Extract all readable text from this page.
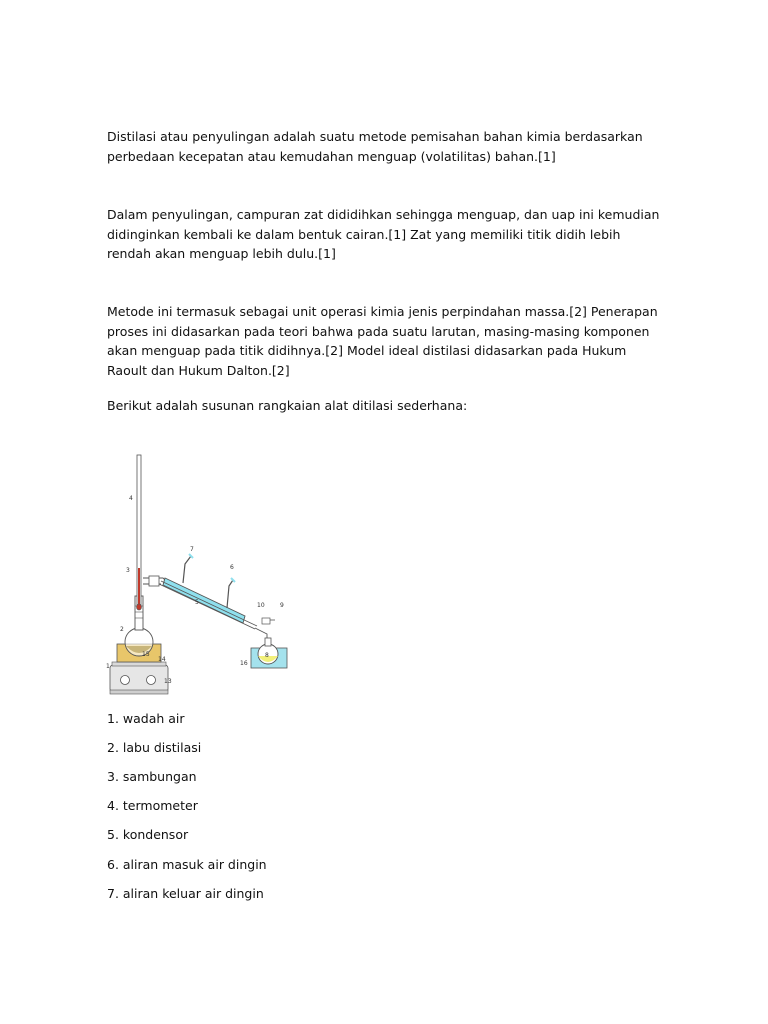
Distilasi atau penyulingan adalah suatu metode pemisahan bahan kimia berdasarkan perbedaan kecepatan atau kemudahan menguap (volatilitas) bahan.[1]

Dalam penyulingan, campuran zat dididihkan sehingga menguap, dan uap ini kemudian didinginkan kembali ke dalam bentuk cairan.[1] Zat yang memiliki titik didih lebih rendah akan menguap lebih dulu.[1]

Metode ini termasuk sebagai unit operasi kimia jenis perpindahan massa.[2] Penerapan proses ini didasarkan pada teori bahwa pada suatu larutan, masing-masing komponen akan menguap pada titik didihnya.[2] Model ideal distilasi didasarkan pada Hukum Raoult dan Hukum Dalton.[2]

Berikut adalah susunan rangkaian alat ditilasi sederhana:

1
2
3
4
5
6
7
8
9
10
13
14
15
16

1. wadah air

2. labu distilasi

3. sambungan

4. termometer

5. kondensor

6. aliran masuk air dingin

7. aliran keluar air dingin
